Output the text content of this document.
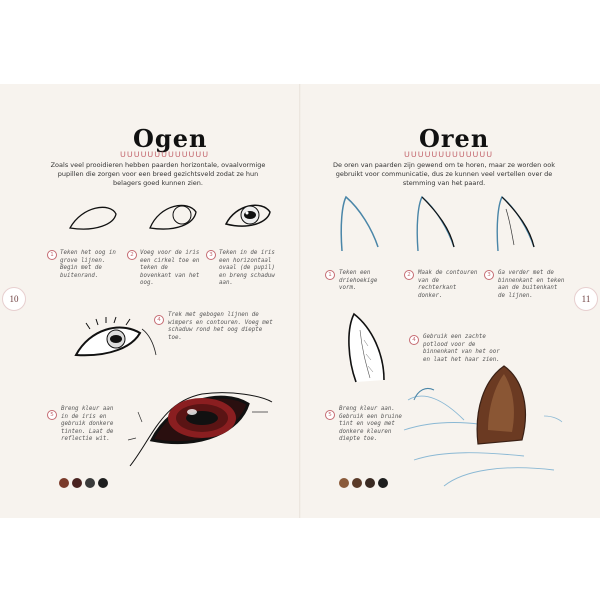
10	11
Ogen
ᑌᑌᑌᑌᑌᑌᑌᑌᑌᑌᑌᑌᑌ
Zoals veel prooidieren hebben paarden horizontale, ovaalvormige pupillen die zorgen voor een breed gezichtsveld zodat ze hun belagers goed kunnen zien.
1	Teken het oog in grove lijnen. Begin met de buitenrand.
2	Voeg voor de iris een cirkel toe en teken de bovenkant van het oog.
3	Teken in de iris een horizontaal ovaal (de pupil) en breng schaduw aan.
4
Trek met gebogen lijnen de wimpers en contouren. Voeg met schaduw rond het oog diepte toe.
5
Breng kleur aan in de iris en gebruik donkere tinten. Laat de reflectie wit.
Oren
ᑌᑌᑌᑌᑌᑌᑌᑌᑌᑌᑌᑌᑌ
De oren van paarden zijn gewend om te horen, maar ze worden ook gebruikt voor communicatie, dus ze kunnen veel vertellen over de stemming van het paard.
1	Teken een driehoekige vorm.
2	Maak de contouren van de rechterkant donker.
3	Ga verder met de binnenkant en teken aan de buitenkant de lijnen.
4	Gebruik een zachte potlood voor de binnenkant van het oor en laat het haar zien.
5
Breng kleur aan. Gebruik een bruine tint en voeg met donkere kleuren diepte toe.
